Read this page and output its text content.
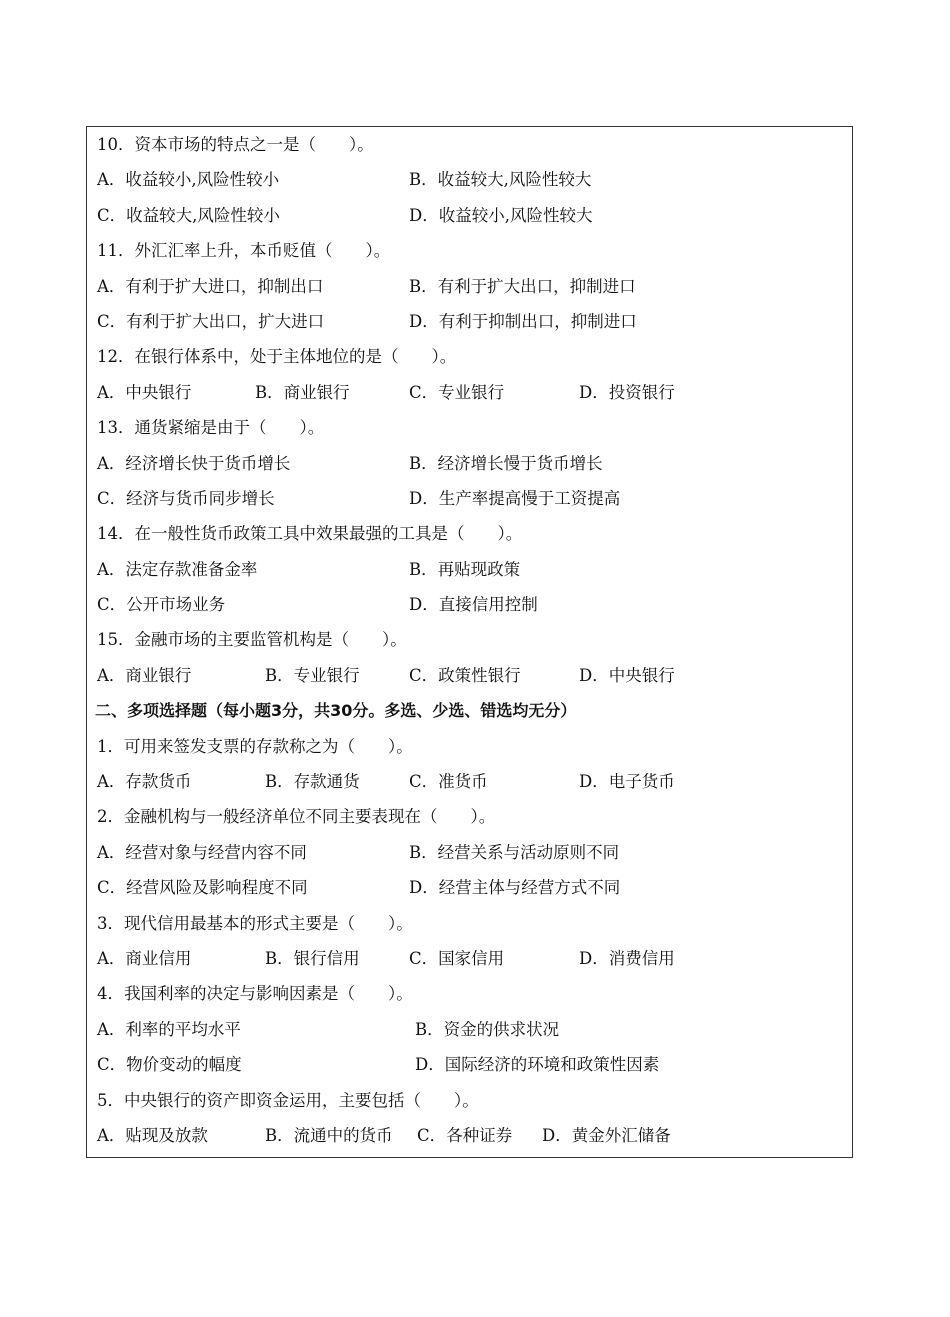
10．资本市场的特点之一是（　　）。
A．收益较小,风险性较小	B．收益较大,风险性较大
C．收益较大,风险性较小	D．收益较小,风险性较大
11．外汇汇率上升，本币贬值（　　）。
A．有利于扩大进口，抑制出口	B．有利于扩大出口，抑制进口
C．有利于扩大出口，扩大进口	D．有利于抑制出口，抑制进口
12．在银行体系中，处于主体地位的是（　　）。
A．中央银行	B．商业银行	C．专业银行	D．投资银行
13．通货紧缩是由于（　　）。
A．经济增长快于货币增长	B．经济增长慢于货币增长
C．经济与货币同步增长	D．生产率提高慢于工资提高
14．在一般性货币政策工具中效果最强的工具是（　　）。
A．法定存款准备金率	B．再贴现政策
C．公开市场业务	D．直接信用控制
15．金融市场的主要监管机构是（　　）。
A．商业银行	B．专业银行	C．政策性银行	D．中央银行
二、多项选择题（每小题3分，共30分。多选、少选、错选均无分）
1．可用来签发支票的存款称之为（　　）。
A．存款货币	B．存款通货	C．准货币	D．电子货币
2．金融机构与一般经济单位不同主要表现在（　　）。
A．经营对象与经营内容不同	B．经营关系与活动原则不同
C．经营风险及影响程度不同	D．经营主体与经营方式不同
3．现代信用最基本的形式主要是（　　）。
A．商业信用	B．银行信用	C．国家信用	D．消费信用
4．我国利率的决定与影响因素是（　　）。
A．利率的平均水平	B．资金的供求状况
C．物价变动的幅度	D．国际经济的环境和政策性因素
5．中央银行的资产即资金运用，主要包括（　　）。
A．贴现及放款	B．流通中的货币 C．各种证券 D．黄金外汇储备
